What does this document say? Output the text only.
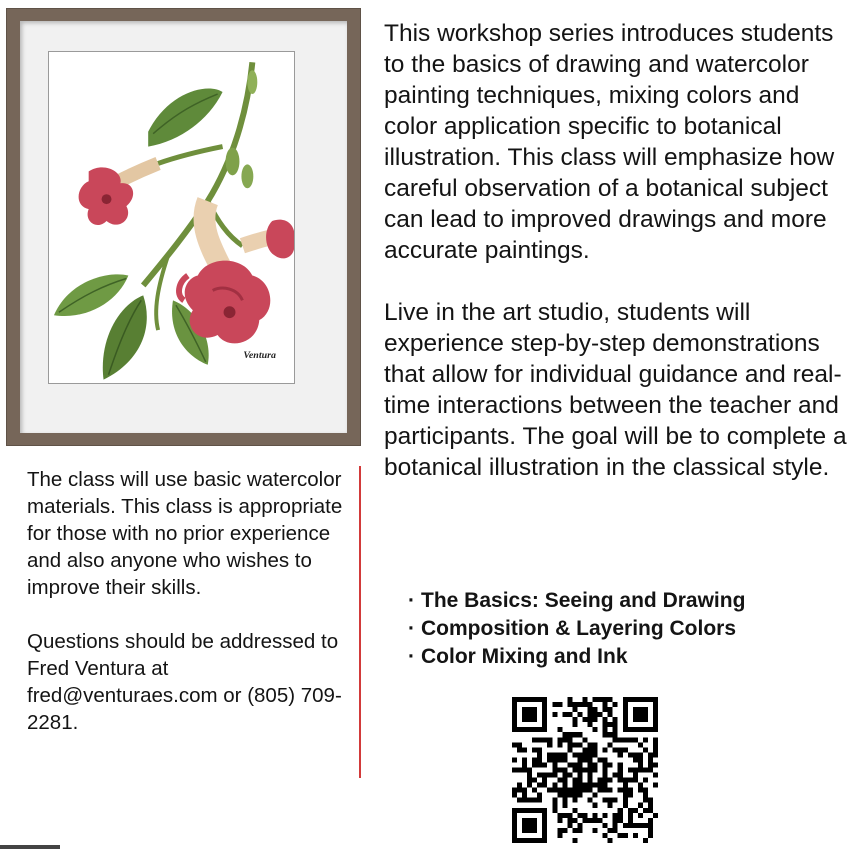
Ventura

This workshop series introduces students to the basics of drawing and watercolor painting techniques, mixing colors and color application specific to botanical illustration. This class will emphasize how careful observation of a botanical subject can lead to improved drawings and more accurate paintings.

Live in the art studio, students will experience step-by-step demonstrations that allow for individual guidance and real-time interactions between the teacher and participants. The goal will be to complete a botanical illustration in the classical style.

· The Basics: Seeing and Drawing
· Composition & Layering Colors
· Color Mixing and Ink

The class will use basic watercolor materials. This class is appropriate for those with no prior experience and also anyone who wishes to improve their skills.

Questions should be addressed to Fred Ventura at fred@venturaes.com or (805) 709-2281.
